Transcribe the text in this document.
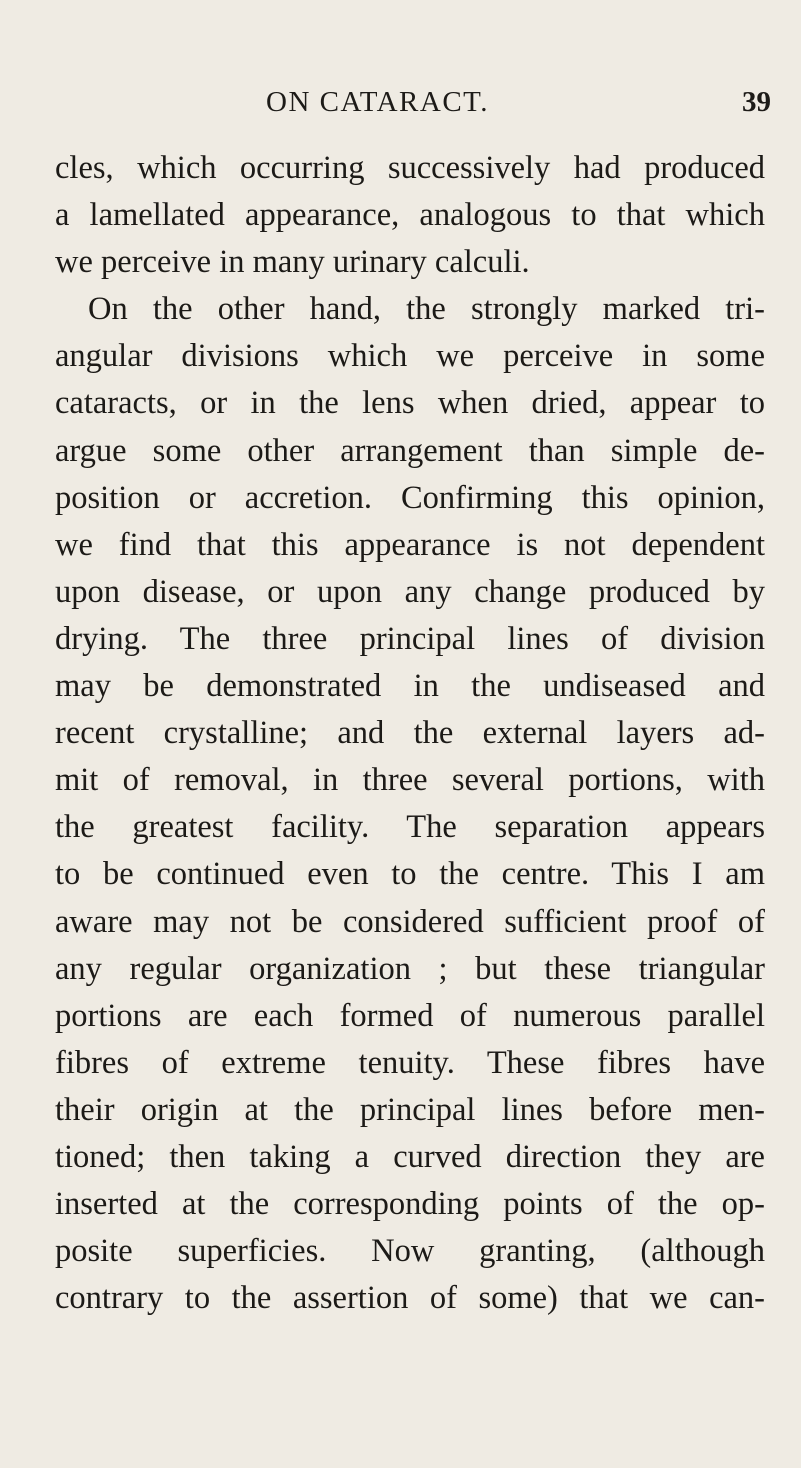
ON CATARACT.	39
cles, which occurring successively had produced
a lamellated appearance, analogous to that which
we perceive in many urinary calculi.
On the other hand, the strongly marked tri-
angular divisions which we perceive in some
cataracts, or in the lens when dried, appear to
argue some other arrangement than simple de-
position or accretion. Confirming this opinion,
we find that this appearance is not dependent
upon disease, or upon any change produced by
drying. The three principal lines of division
may be demonstrated in the undiseased and
recent crystalline; and the external layers ad-
mit of removal, in three several portions, with
the greatest facility. The separation appears
to be continued even to the centre. This I am
aware may not be considered sufficient proof of
any regular organization ; but these triangular
portions are each formed of numerous parallel
fibres of extreme tenuity. These fibres have
their origin at the principal lines before men-
tioned; then taking a curved direction they are
inserted at the corresponding points of the op-
posite superficies. Now granting, (although
contrary to the assertion of some) that we can-
